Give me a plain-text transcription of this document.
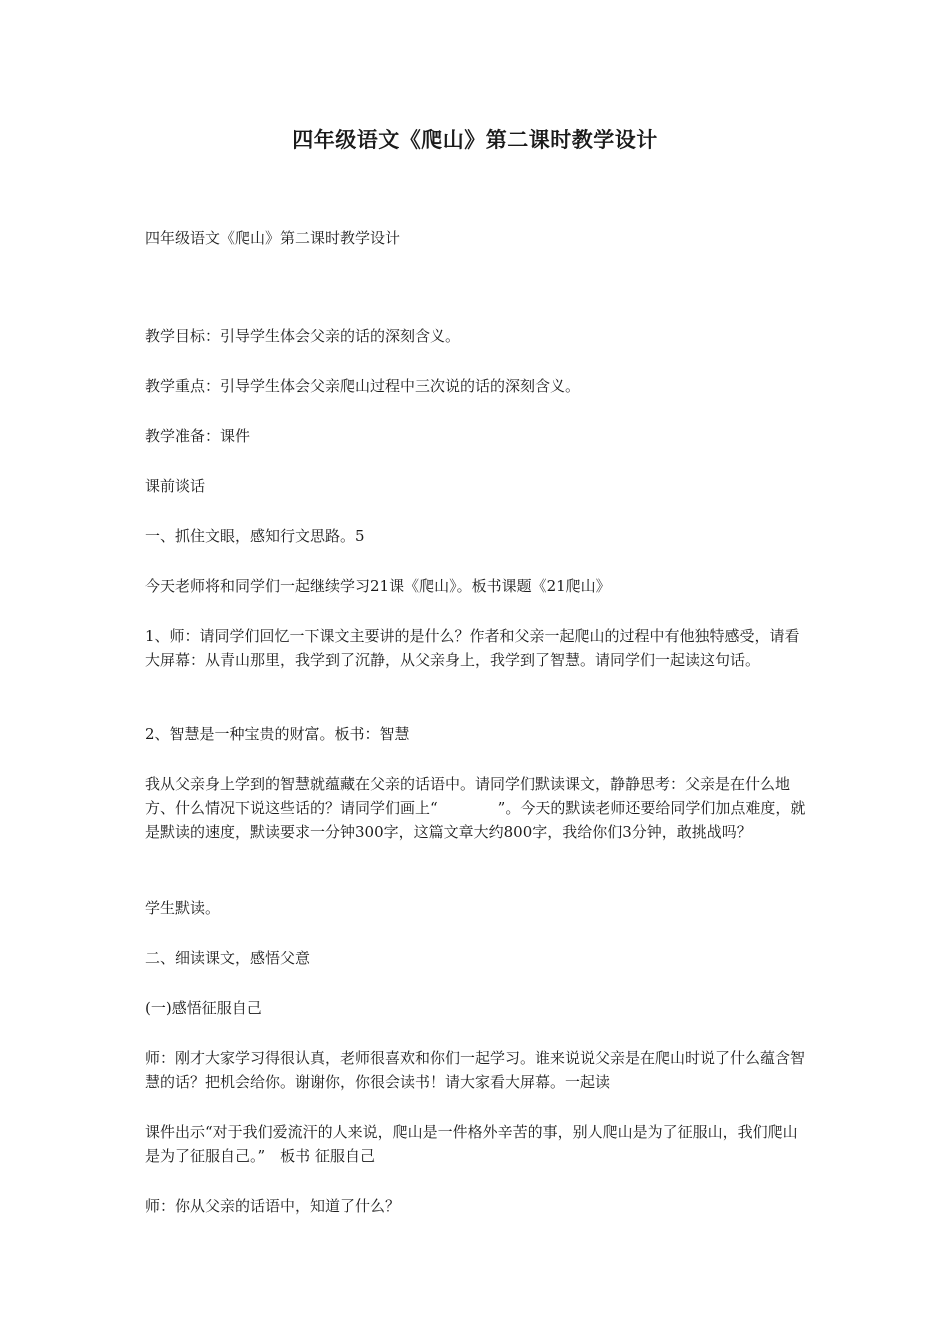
四年级语文《爬山》第二课时教学设计

四年级语文《爬山》第二课时教学设计

教学目标：引导学生体会父亲的话的深刻含义。

教学重点：引导学生体会父亲爬山过程中三次说的话的深刻含义。

教学准备：课件

课前谈话

一、抓住文眼，感知行文思路。5

今天老师将和同学们一起继续学习21课《爬山》。板书课题《21爬山》

1、师：请同学们回忆一下课文主要讲的是什么？作者和父亲一起爬山的过程中有他独特感受，请看大屏幕：从青山那里，我学到了沉静，从父亲身上，我学到了智慧。请同学们一起读这句话。

2、智慧是一种宝贵的财富。板书：智慧

我从父亲身上学到的智慧就蕴藏在父亲的话语中。请同学们默读课文，静静思考：父亲是在什么地方、什么情况下说这些话的？请同学们画上“　　　　”。今天的默读老师还要给同学们加点难度，就是默读的速度，默读要求一分钟300字，这篇文章大约800字，我给你们3分钟，敢挑战吗？

学生默读。

二、细读课文，感悟父意

(一)感悟征服自己

师：刚才大家学习得很认真，老师很喜欢和你们一起学习。谁来说说父亲是在爬山时说了什么蕴含智慧的话？把机会给你。谢谢你，你很会读书！请大家看大屏幕。一起读

课件出示“对于我们爱流汗的人来说，爬山是一件格外辛苦的事，别人爬山是为了征服山，我们爬山是为了征服自己。”　板书 征服自己

师：你从父亲的话语中，知道了什么？
